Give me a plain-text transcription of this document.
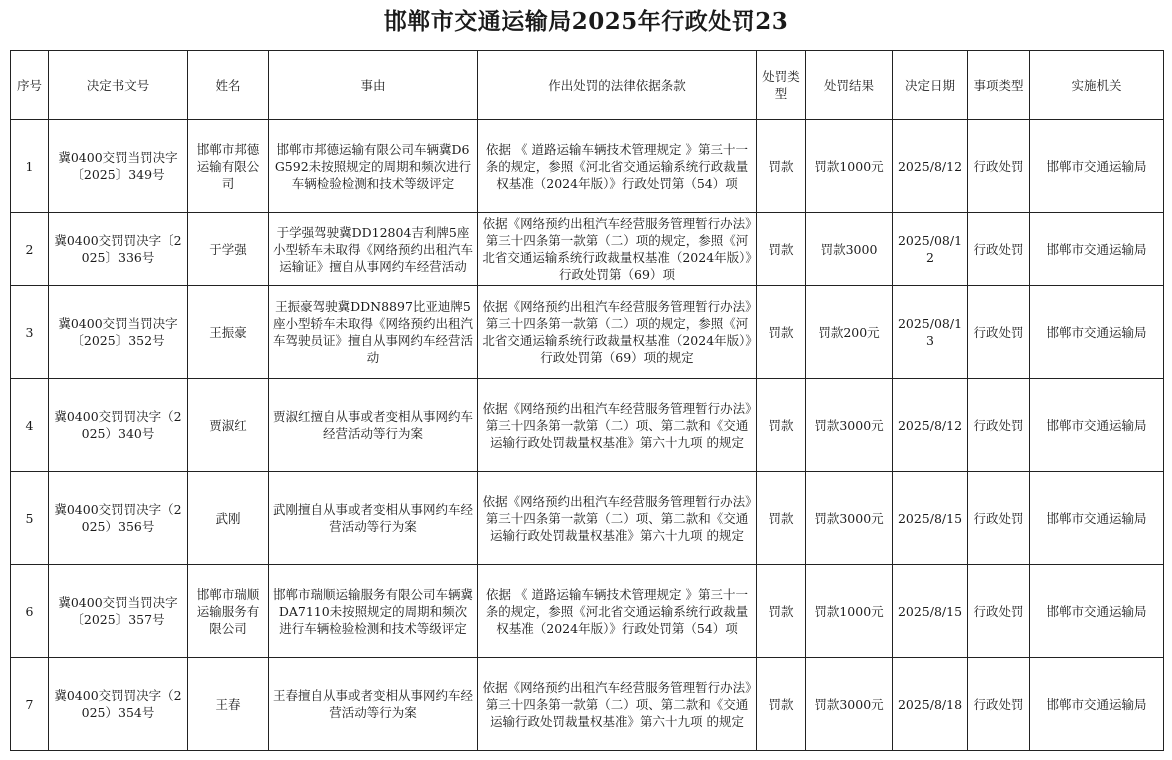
邯郸市交通运输局2025年行政处罚23
序号	决定书文号	姓名	事由	作出处罚的法律依据条款	处罚类型	处罚结果	决定日期	事项类型	实施机关
1	冀0400交罚当罚决字〔2025〕349号	邯郸市邦德运输有限公司	邯郸市邦德运输有限公司车辆冀D6G592未按照规定的周期和频次进行车辆检验检测和技术等级评定	依据 《 道路运输车辆技术管理规定 》第三十一条的规定，参照《河北省交通运输系统行政裁量权基准（2024年版）》行政处罚第（54）项	罚款	罚款1000元	2025/8/12	行政处罚	邯郸市交通运输局
2	冀0400交罚罚决字〔2025〕336号	于学强	于学强驾驶冀DD12804吉利牌5座小型轿车未取得《网络预约出租汽车运输证》擅自从事网约车经营活动	依据《网络预约出租汽车经营服务管理暂行办法》第三十四条第一款第（二）项的规定，参照《河北省交通运输系统行政裁量权基准（2024年版）》行政处罚第（69）项	罚款	罚款3000	2025/08/12	行政处罚	邯郸市交通运输局
3	冀0400交罚当罚决字〔2025〕352号	王振豪	王振豪驾驶冀DDN8897比亚迪牌5座小型轿车未取得《网络预约出租汽车驾驶员证》擅自从事网约车经营活动	依据《网络预约出租汽车经营服务管理暂行办法》第三十四条第一款第（二）项的规定，参照《河北省交通运输系统行政裁量权基准（2024年版）》行政处罚第（69）项的规定	罚款	罚款200元	2025/08/13	行政处罚	邯郸市交通运输局
4	冀0400交罚罚决字（2025）340号	贾淑红	贾淑红擅自从事或者变相从事网约车经营活动等行为案	依据《网络预约出租汽车经营服务管理暂行办法》第三十四条第一款第（二）项、第二款和《交通运输行政处罚裁量权基准》第六十九项 的规定	罚款	罚款3000元	2025/8/12	行政处罚	邯郸市交通运输局
5	冀0400交罚罚决字（2025）356号	武刚	武刚擅自从事或者变相从事网约车经营活动等行为案	依据《网络预约出租汽车经营服务管理暂行办法》第三十四条第一款第（二）项、第二款和《交通运输行政处罚裁量权基准》第六十九项 的规定	罚款	罚款3000元	2025/8/15	行政处罚	邯郸市交通运输局
6	冀0400交罚当罚决字〔2025〕357号	邯郸市瑞顺运输服务有限公司	邯郸市瑞顺运输服务有限公司车辆冀DA7110未按照规定的周期和频次进行车辆检验检测和技术等级评定	依据 《 道路运输车辆技术管理规定 》第三十一条的规定，参照《河北省交通运输系统行政裁量权基准（2024年版）》行政处罚第（54）项	罚款	罚款1000元	2025/8/15	行政处罚	邯郸市交通运输局
7	冀0400交罚罚决字（2025）354号	王春	王春擅自从事或者变相从事网约车经营活动等行为案	依据《网络预约出租汽车经营服务管理暂行办法》第三十四条第一款第（二）项、第二款和《交通运输行政处罚裁量权基准》第六十九项 的规定	罚款	罚款3000元	2025/8/18	行政处罚	邯郸市交通运输局
